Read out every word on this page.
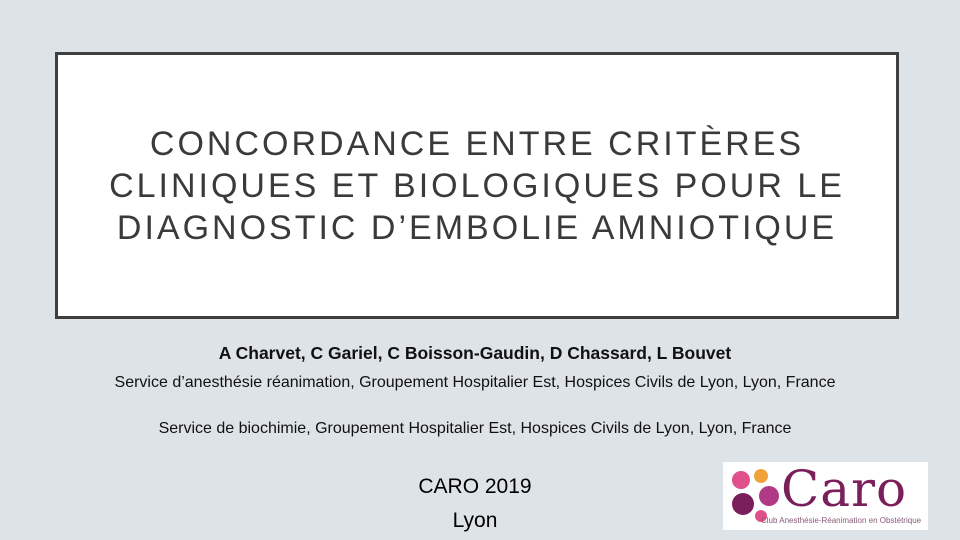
CONCORDANCE ENTRE CRITÈRES
CLINIQUES ET BIOLOGIQUES POUR LE
DIAGNOSTIC D’EMBOLIE AMNIOTIQUE
A Charvet, C Gariel, C Boisson-Gaudin, D Chassard, L Bouvet
Service d’anesthésie réanimation, Groupement Hospitalier Est, Hospices Civils de Lyon, Lyon, France
Service de biochimie, Groupement Hospitalier Est, Hospices Civils de Lyon, Lyon, France
CARO 2019
Lyon
Caro
Club Anesthésie-Réanimation en Obstétrique
